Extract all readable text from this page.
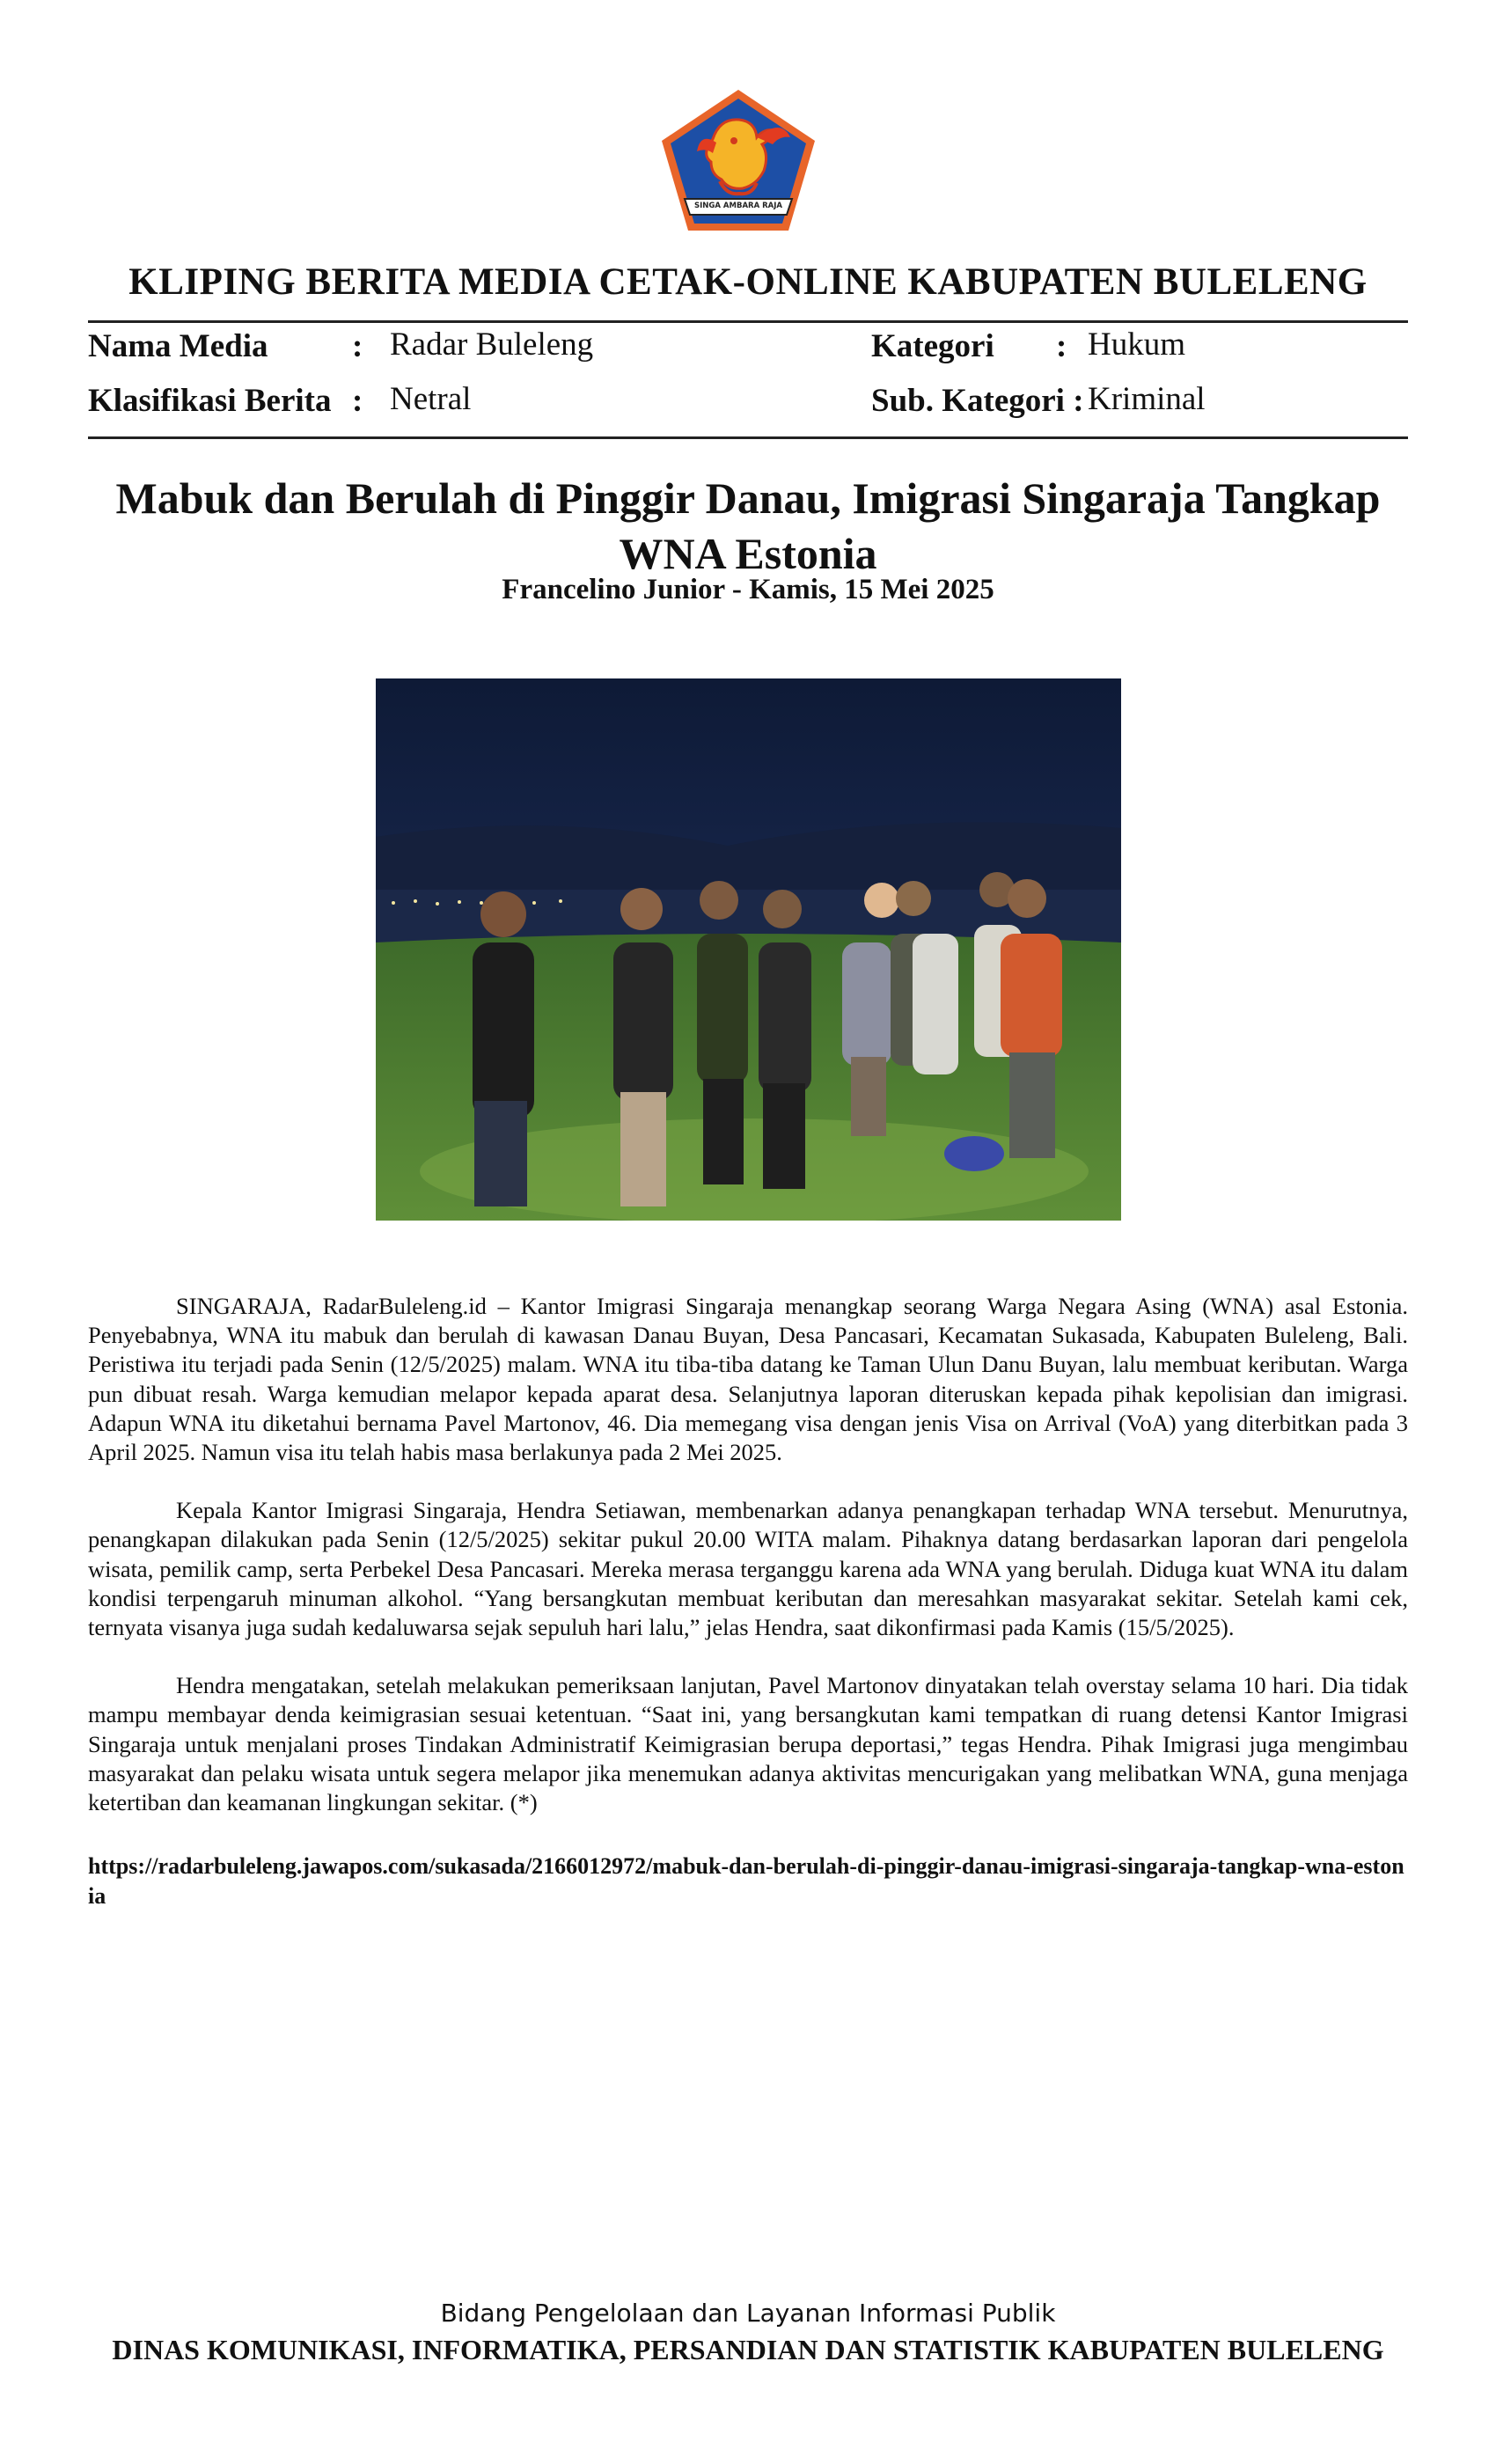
SINGA AMBARA RAJA
KLIPING BERITA MEDIA CETAK-ONLINE KABUPATEN BULELENG
Nama Media	: Radar Buleleng	Kategori : Hukum
Klasifikasi Berita : Netral	Sub. Kategori : Kriminal
Mabuk dan Berulah di Pinggir Danau, Imigrasi Singaraja Tangkap WNA Estonia
Francelino Junior - Kamis, 15 Mei 2025

SINGARAJA, RadarBuleleng.id – Kantor Imigrasi Singaraja menangkap seorang Warga Negara Asing (WNA) asal Estonia. Penyebabnya, WNA itu mabuk dan berulah di kawasan Danau Buyan, Desa Pancasari, Kecamatan Sukasada, Kabupaten Buleleng, Bali. Peristiwa itu terjadi pada Senin (12/5/2025) malam. WNA itu tiba-tiba datang ke Taman Ulun Danu Buyan, lalu membuat keributan. Warga pun dibuat resah. Warga kemudian melapor kepada aparat desa. Selanjutnya laporan diteruskan kepada pihak kepolisian dan imigrasi. Adapun WNA itu diketahui bernama Pavel Martonov, 46. Dia memegang visa dengan jenis Visa on Arrival (VoA) yang diterbitkan pada 3 April 2025. Namun visa itu telah habis masa berlakunya pada 2 Mei 2025.

Kepala Kantor Imigrasi Singaraja, Hendra Setiawan, membenarkan adanya penangkapan terhadap WNA tersebut. Menurutnya, penangkapan dilakukan pada Senin (12/5/2025) sekitar pukul 20.00 WITA malam. Pihaknya datang berdasarkan laporan dari pengelola wisata, pemilik camp, serta Perbekel Desa Pancasari. Mereka merasa terganggu karena ada WNA yang berulah. Diduga kuat WNA itu dalam kondisi terpengaruh minuman alkohol. “Yang bersangkutan membuat keributan dan meresahkan masyarakat sekitar. Setelah kami cek, ternyata visanya juga sudah kedaluwarsa sejak sepuluh hari lalu,” jelas Hendra, saat dikonfirmasi pada Kamis (15/5/2025).

Hendra mengatakan, setelah melakukan pemeriksaan lanjutan, Pavel Martonov dinyatakan telah overstay selama 10 hari. Dia tidak mampu membayar denda keimigrasian sesuai ketentuan. “Saat ini, yang bersangkutan kami tempatkan di ruang detensi Kantor Imigrasi Singaraja untuk menjalani proses Tindakan Administratif Keimigrasian berupa deportasi,” tegas Hendra. Pihak Imigrasi juga mengimbau masyarakat dan pelaku wisata untuk segera melapor jika menemukan adanya aktivitas mencurigakan yang melibatkan WNA, guna menjaga ketertiban dan keamanan lingkungan sekitar. (*)

https://radarbuleleng.jawapos.com/sukasada/2166012972/mabuk-dan-berulah-di-pinggir-danau-imigrasi-singaraja-tangkap-wna-estonia
Bidang Pengelolaan dan Layanan Informasi Publik
DINAS KOMUNIKASI, INFORMATIKA, PERSANDIAN DAN STATISTIK KABUPATEN BULELENG
